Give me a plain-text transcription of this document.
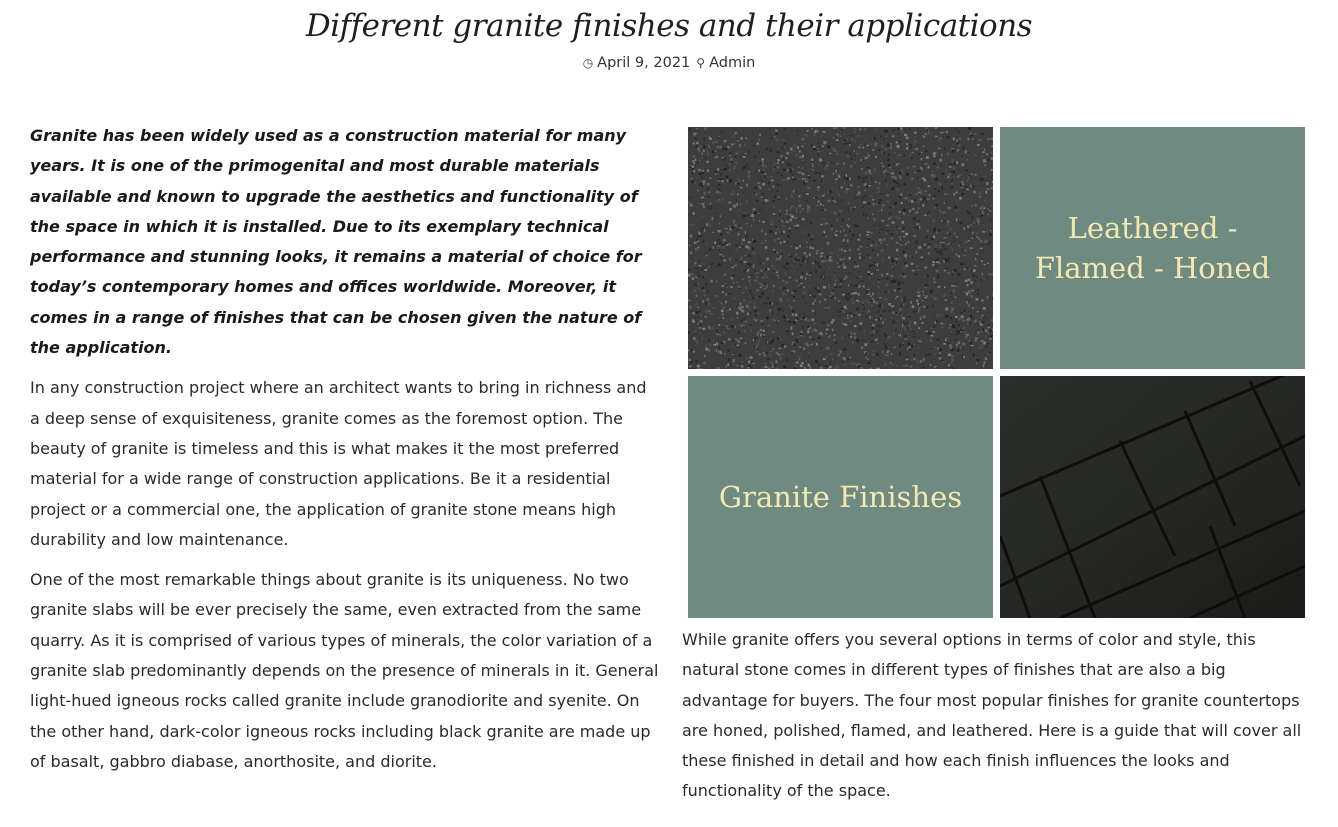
Different granite finishes and their applications
◷ April 9, 2021 ⚲ Admin

Granite has been widely used as a construction material for many years. It is one of the primogenital and most durable materials available and known to upgrade the aesthetics and functionality of the space in which it is installed. Due to its exemplary technical performance and stunning looks, it remains a material of choice for today’s contemporary homes and offices worldwide. Moreover, it comes in a range of finishes that can be chosen given the nature of the application.

In any construction project where an architect wants to bring in richness and a deep sense of exquisiteness, granite comes as the foremost option. The beauty of granite is timeless and this is what makes it the most preferred material for a wide range of construction applications. Be it a residential project or a commercial one, the application of granite stone means high durability and low maintenance.

One of the most remarkable things about granite is its uniqueness. No two granite slabs will be ever precisely the same, even extracted from the same quarry. As it is comprised of various types of minerals, the color variation of a granite slab predominantly depends on the presence of minerals in it. General light-hued igneous rocks called granite include granodiorite and syenite. On the other hand, dark-color igneous rocks including black granite are made up of basalt, gabbro diabase, anorthosite, and diorite.

Leathered -
Flamed - Honed
Granite Finishes

While granite offers you several options in terms of color and style, this natural stone comes in different types of finishes that are also a big advantage for buyers. The four most popular finishes for granite countertops are honed, polished, flamed, and leathered. Here is a guide that will cover all these finished in detail and how each finish influences the looks and functionality of the space.
